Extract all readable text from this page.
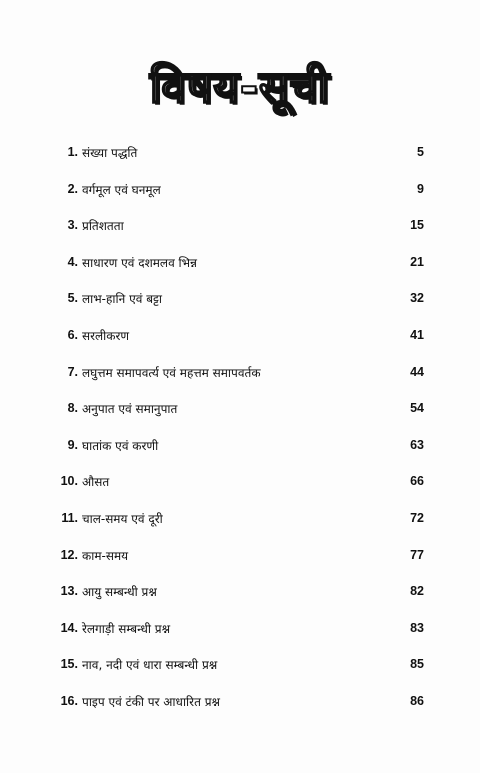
विषय-सूची
1. संख्या पद्धति	5
2. वर्गमूल एवं घनमूल	9
3. प्रतिशतता	15
4. साधारण एवं दशमलव भिन्न	21
5. लाभ-हानि एवं बट्टा	32
6. सरलीकरण	41
7. लघुत्तम समापवर्त्य एवं महत्तम समापवर्तक	44
8. अनुपात एवं समानुपात	54
9. घातांक एवं करणी	63
10. औसत	66
11. चाल-समय एवं दूरी	72
12. काम-समय	77
13. आयु सम्बन्धी प्रश्न	82
14. रेलगाड़ी सम्बन्धी प्रश्न	83
15. नाव, नदी एवं धारा सम्बन्धी प्रश्न	85
16. पाइप एवं टंकी पर आधारित प्रश्न	86
